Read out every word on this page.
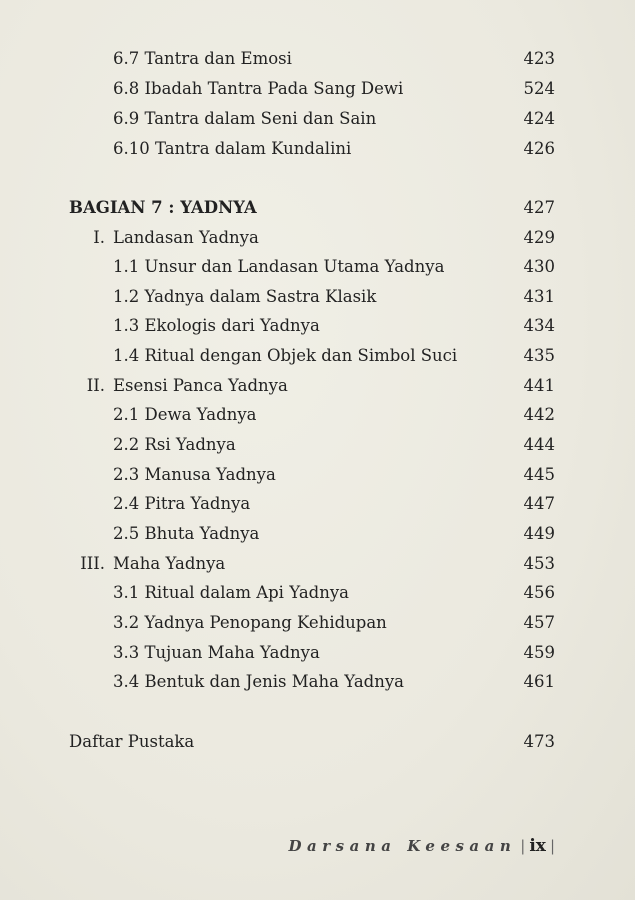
6.7 Tantra dan Emosi	423
6.8 Ibadah Tantra Pada Sang Dewi	524
6.9 Tantra dalam Seni dan Sain	424
6.10 Tantra dalam Kundalini	426
BAGIAN 7 : YADNYA	427
I. Landasan Yadnya	429
1.1 Unsur dan Landasan Utama Yadnya	430
1.2 Yadnya dalam Sastra Klasik	431
1.3 Ekologis dari Yadnya	434
1.4 Ritual dengan Objek dan Simbol Suci	435
II. Esensi Panca Yadnya	441
2.1 Dewa Yadnya	442
2.2 Rsi Yadnya	444
2.3 Manusa Yadnya	445
2.4 Pitra Yadnya	447
2.5 Bhuta Yadnya	449
III. Maha Yadnya	453
3.1 Ritual dalam Api Yadnya	456
3.2 Yadnya Penopang Kehidupan	457
3.3 Tujuan Maha Yadnya	459
3.4 Bentuk dan Jenis Maha Yadnya	461
Daftar Pustaka	473
Darsana Keesaan | ix |
